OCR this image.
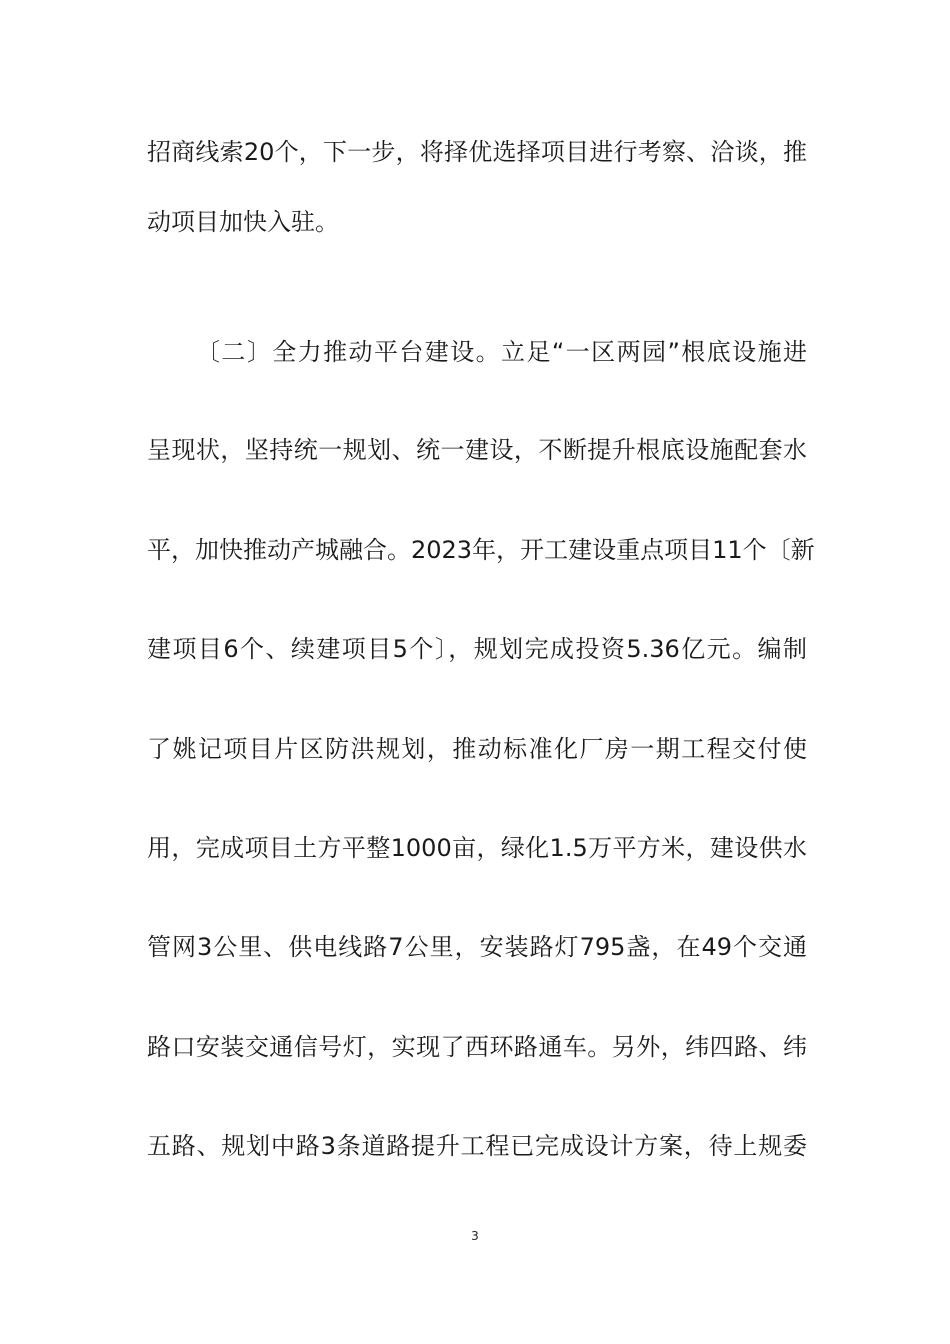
招商线索20个，下一步，将择优选择项目进行考察、洽谈，推
动项目加快入驻。
〔二〕全力推动平台建设。立足“一区两园”根底设施进
呈现状，坚持统一规划、统一建设，不断提升根底设施配套水
平，加快推动产城融合。2023年，开工建设重点项目11个〔新
建项目6个、续建项目5个〕，规划完成投资5.36亿元。编制
了姚记项目片区防洪规划，推动标准化厂房一期工程交付使
用，完成项目土方平整1000亩，绿化1.5万平方米，建设供水
管网3公里、供电线路7公里，安装路灯795盏，在49个交通
路口安装交通信号灯，实现了西环路通车。另外，纬四路、纬
五路、规划中路3条道路提升工程已完成设计方案，待上规委
3
